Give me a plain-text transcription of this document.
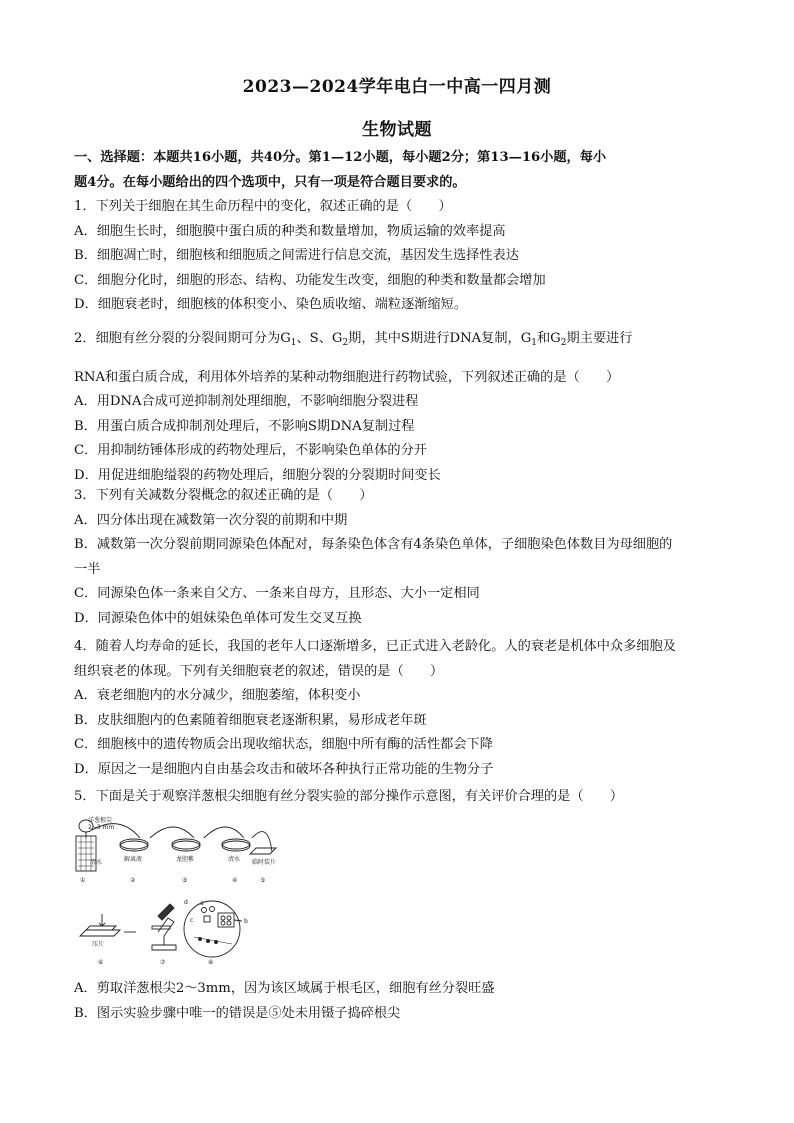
2023—2024学年电白一中高一四月测
生物试题
一、选择题：本题共16小题，共40分。第1—12小题，每小题2分；第13—16小题，每小
题4分。在每小题给出的四个选项中，只有一项是符合题目要求的。
1．下列关于细胞在其生命历程中的变化，叙述正确的是（　　）
A．细胞生长时，细胞膜中蛋白质的种类和数量增加，物质运输的效率提高
B．细胞凋亡时，细胞核和细胞质之间需进行信息交流，基因发生选择性表达
C．细胞分化时，细胞的形态、结构、功能发生改变，细胞的种类和数量都会增加
D．细胞衰老时，细胞核的体积变小、染色质收缩、端粒逐渐缩短。
2．细胞有丝分裂的分裂间期可分为$G_1$、S、$G_2$期，其中S期进行DNA复制，$G_1$和$G_2$期主要进行
RNA和蛋白质合成，利用体外培养的某种动物细胞进行药物试验，下列叙述正确的是（　　）
A．用DNA合成可逆抑制剂处理细胞，不影响细胞分裂进程
B．用蛋白质合成抑制剂处理后，不影响S期DNA复制过程
C．用抑制纺锤体形成的药物处理后，不影响染色单体的分开
D．用促进细胞缢裂的药物处理后，细胞分裂的分裂期时间变长
3．下列有关减数分裂概念的叙述正确的是（　　）
A．四分体出现在减数第一次分裂的前期和中期
B．减数第一次分裂前期同源染色体配对，每条染色体含有4条染色单体，子细胞染色体数目为母细胞的
一半
C．同源染色体一条来自父方、一条来自母方，且形态、大小一定相同
D．同源染色体中的姐妹染色单体可发生交叉互换
4．随着人均寿命的延长，我国的老年人口逐渐增多，已正式进入老龄化。人的衰老是机体中众多细胞及
组织衰老的体现。下列有关细胞衰老的叙述，错误的是（　　）
A．衰老细胞内的水分减少，细胞萎缩，体积变小
B．皮肤细胞内的色素随着细胞衰老逐渐积累，易形成老年斑
C．细胞核中的遗传物质会出现收缩状态，细胞中所有酶的活性都会下降
D．原因之一是细胞内自由基会攻击和破坏各种执行正常功能的生物分子
5．下面是关于观察洋葱根尖细胞有丝分裂实验的部分操作示意图，有关评价合理的是（　　）
洋葱根尖
2~3 mm
清水	解离液	龙胆紫	清水 临时装片
压片
①	②	③	④	⑤
⑥	⑦	⑧
a
b
c
d
A．剪取洋葱根尖2～3mm，因为该区域属于根毛区，细胞有丝分裂旺盛
B．图示实验步骤中唯一的错误是⑤处未用镊子捣碎根尖
